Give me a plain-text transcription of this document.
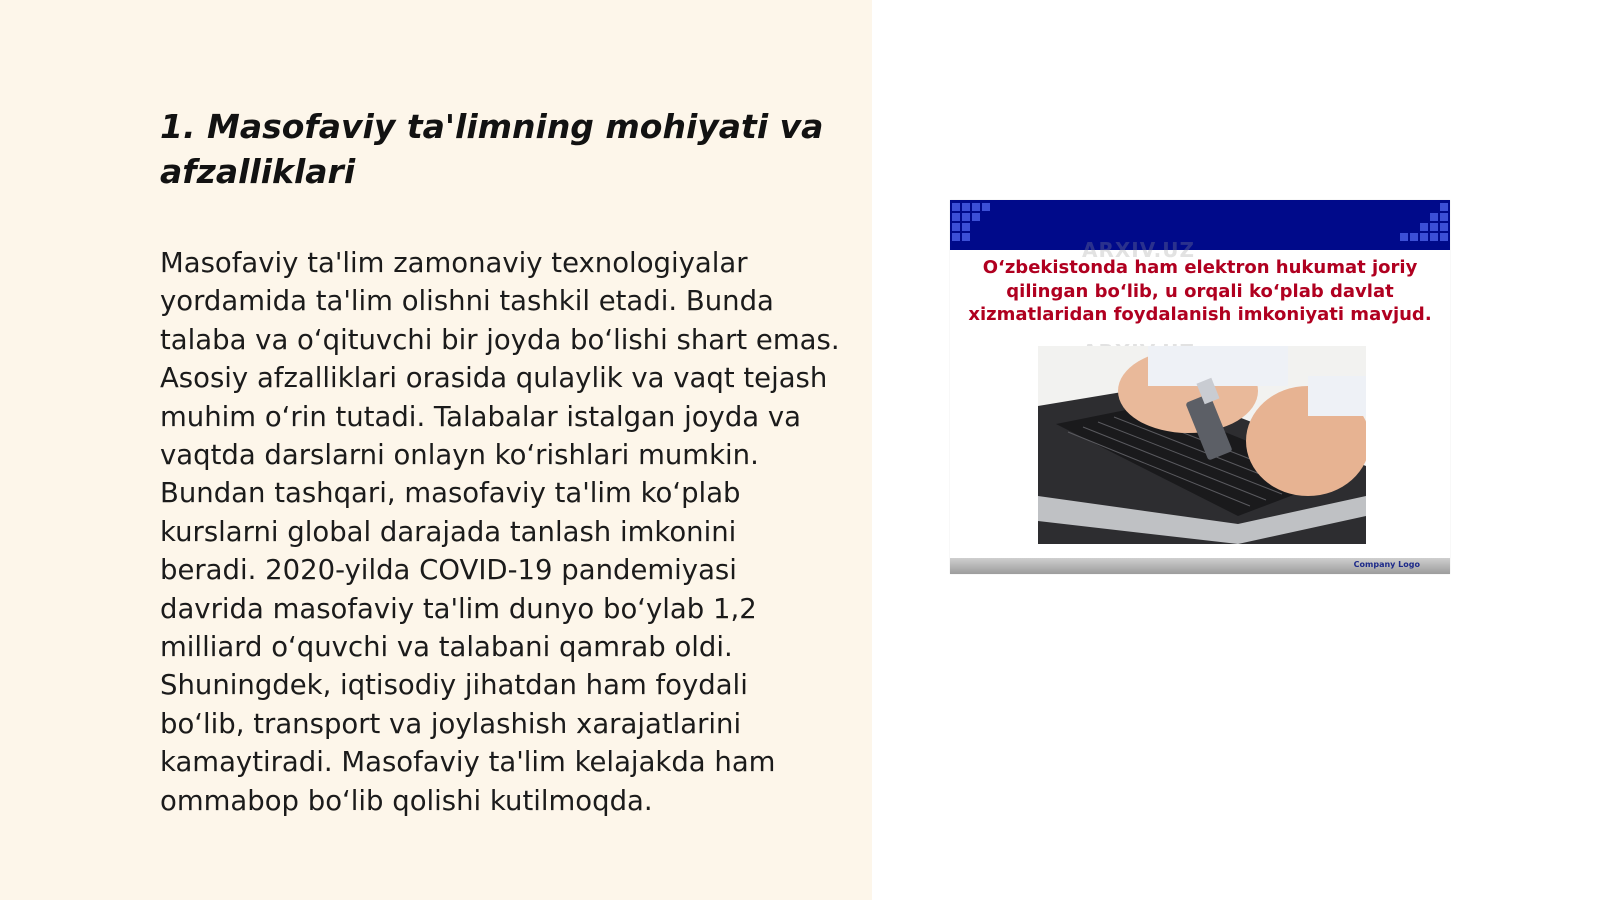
1. Masofaviy ta'limning mohiyati va afzalliklari

Masofaviy ta'lim zamonaviy texnologiyalar yordamida ta'lim olishni tashkil etadi. Bunda talaba va o‘qituvchi bir joyda bo‘lishi shart emas. Asosiy afzalliklari orasida qulaylik va vaqt tejash muhim o‘rin tutadi. Talabalar istalgan joyda va vaqtda darslarni onlayn ko‘rishlari mumkin. Bundan tashqari, masofaviy ta'lim ko‘plab kurslarni global darajada tanlash imkonini beradi. 2020-yilda COVID-19 pandemiyasi davrida masofaviy ta'lim dunyo bo‘ylab 1,2 milliard o‘quvchi va talabani qamrab oldi. Shuningdek, iqtisodiy jihatdan ham foydali bo‘lib, transport va joylashish xarajatlarini kamaytiradi. Masofaviy ta'lim kelajakda ham ommabop bo‘lib qolishi kutilmoqda.

ARXIV.UZ

O‘zbekistonda ham elektron hukumat joriy qilingan bo‘lib, u orqali ko‘plab davlat xizmatlaridan foydalanish imkoniyati mavjud.

Company Logo
